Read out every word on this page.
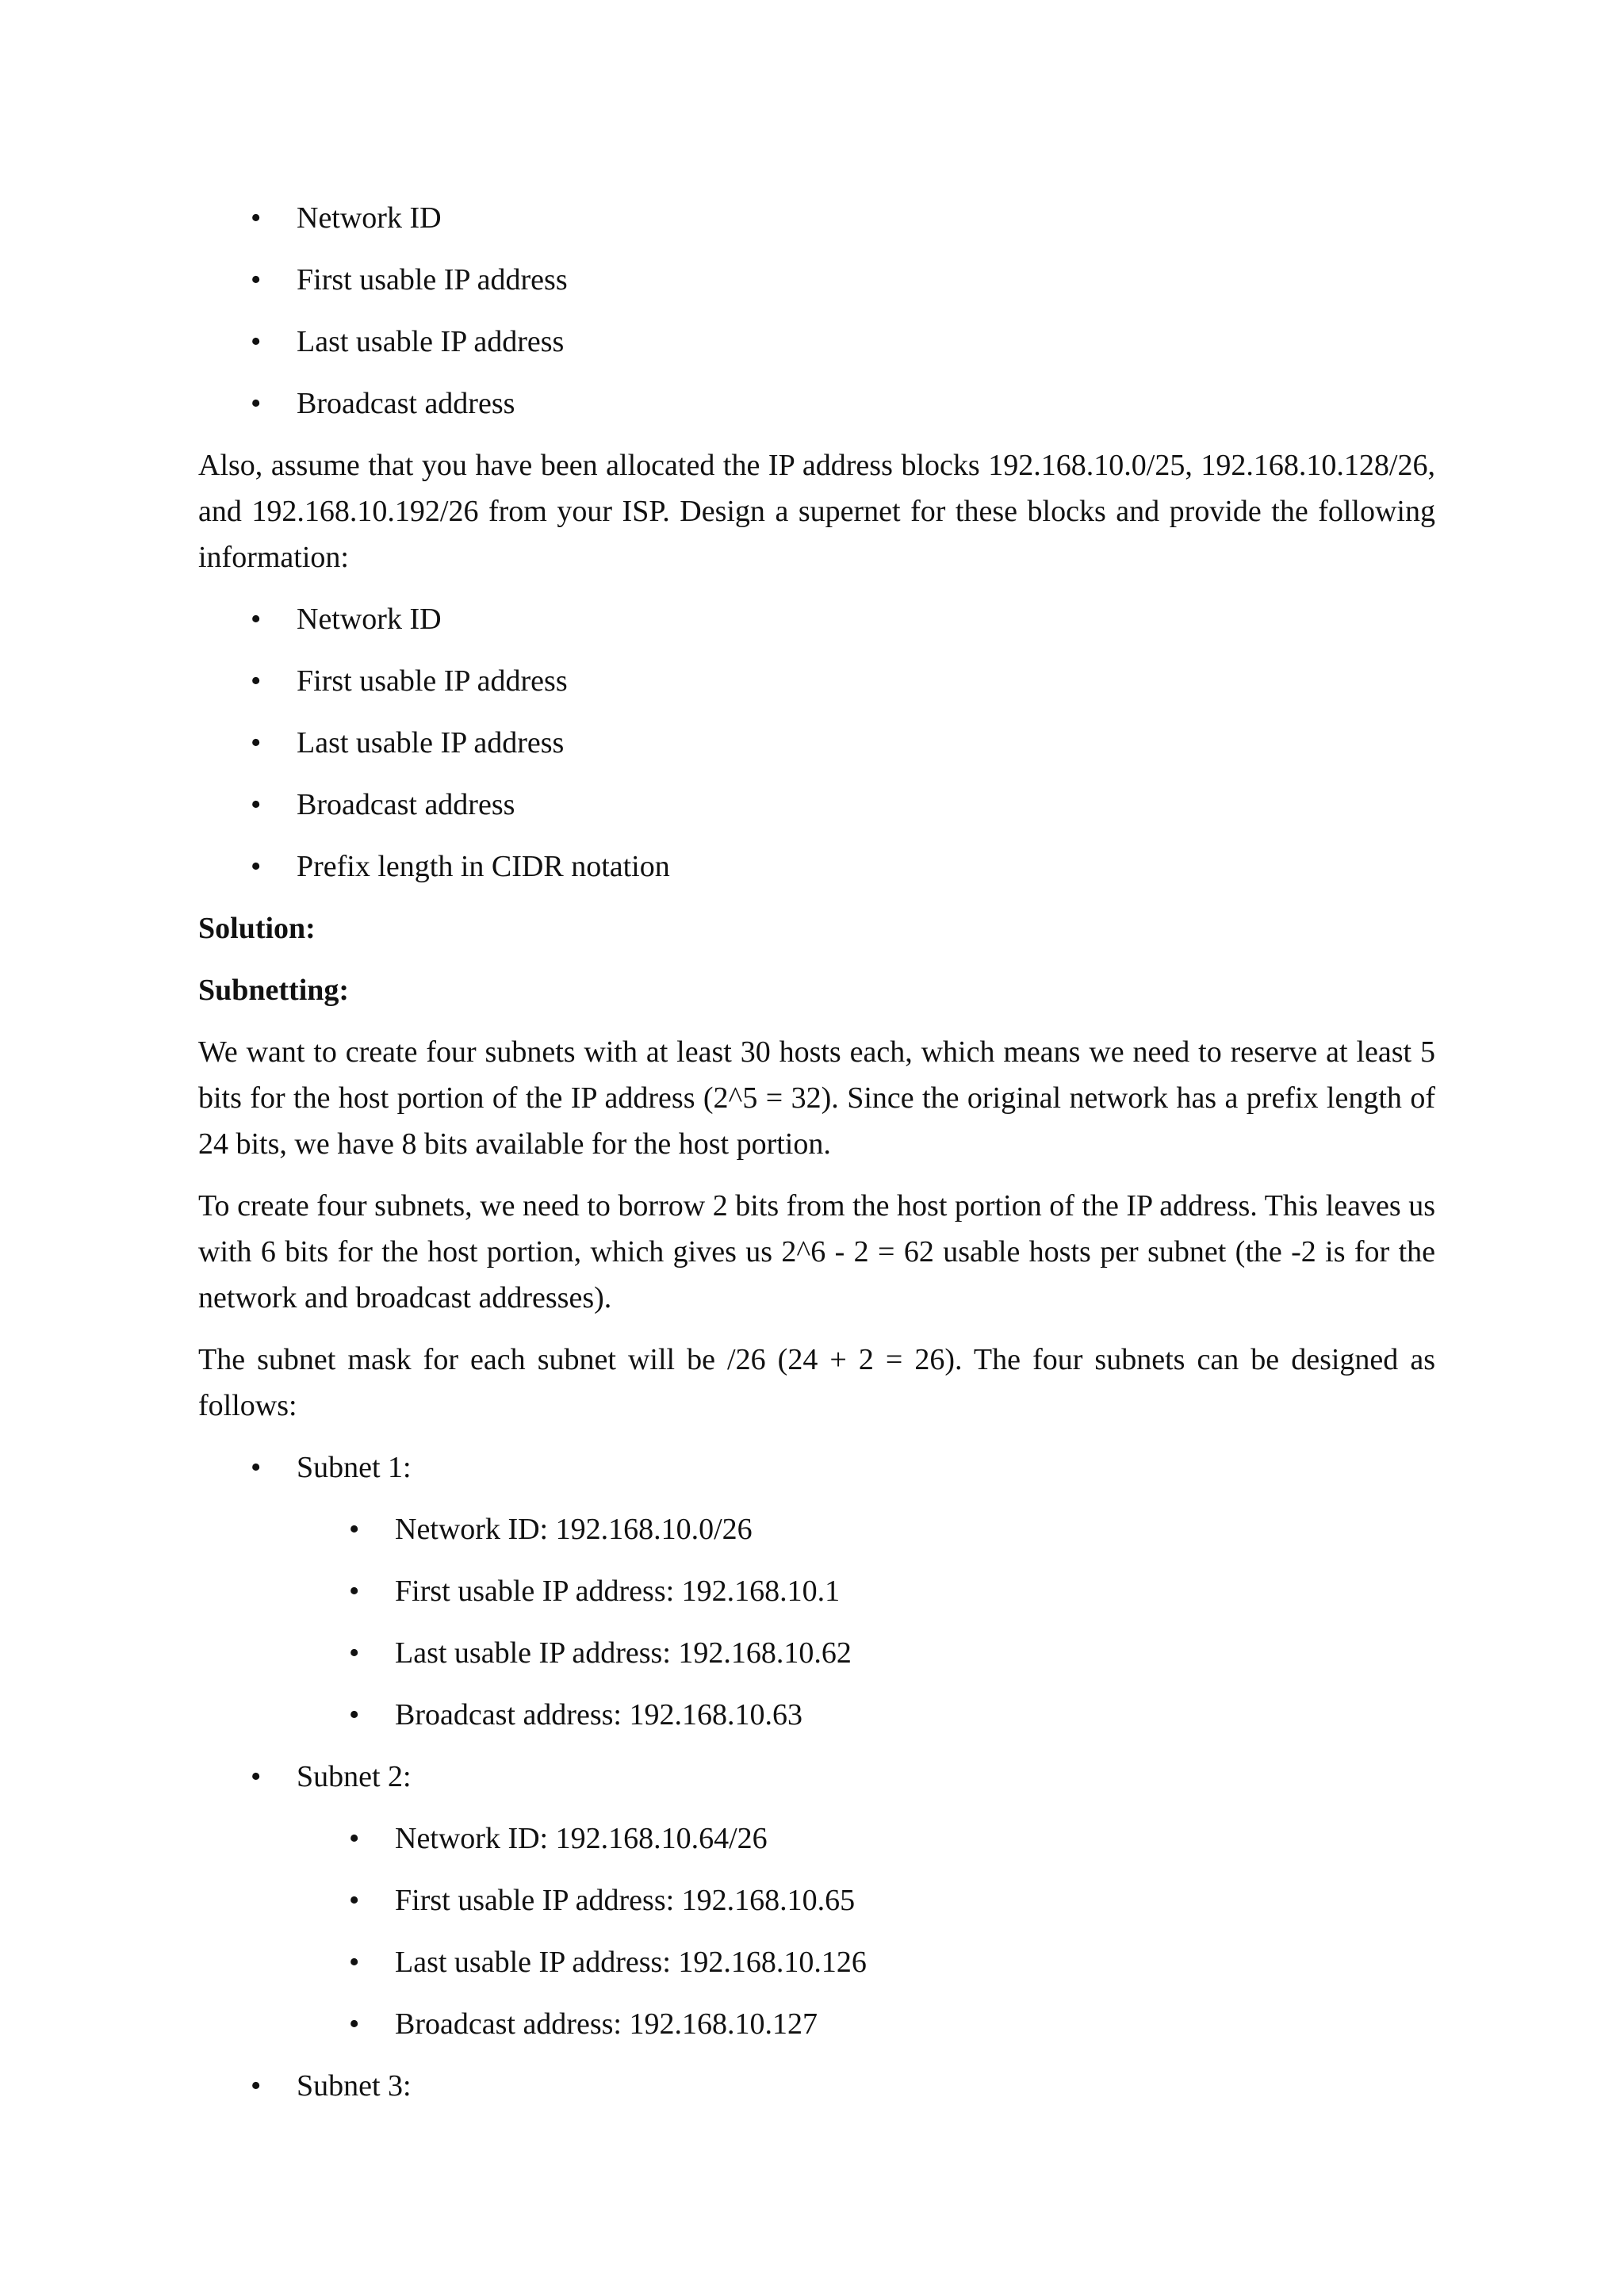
• Network ID
• First usable IP address
• Last usable IP address
• Broadcast address

Also, assume that you have been allocated the IP address blocks 192.168.10.0/25, 192.168.10.128/26, and 192.168.10.192/26 from your ISP. Design a supernet for these blocks and provide the following information:

• Network ID
• First usable IP address
• Last usable IP address
• Broadcast address
• Prefix length in CIDR notation
Solution:
Subnetting:

We want to create four subnets with at least 30 hosts each, which means we need to reserve at least 5 bits for the host portion of the IP address (2^5 = 32). Since the original network has a prefix length of 24 bits, we have 8 bits available for the host portion.

To create four subnets, we need to borrow 2 bits from the host portion of the IP address. This leaves us with 6 bits for the host portion, which gives us 2^6 - 2 = 62 usable hosts per subnet (the -2 is for the network and broadcast addresses).

The subnet mask for each subnet will be /26 (24 + 2 = 26). The four subnets can be designed as follows:

• Subnet 1:
• Network ID: 192.168.10.0/26
• First usable IP address: 192.168.10.1
• Last usable IP address: 192.168.10.62
• Broadcast address: 192.168.10.63
• Subnet 2:
• Network ID: 192.168.10.64/26
• First usable IP address: 192.168.10.65
• Last usable IP address: 192.168.10.126
• Broadcast address: 192.168.10.127
• Subnet 3:
